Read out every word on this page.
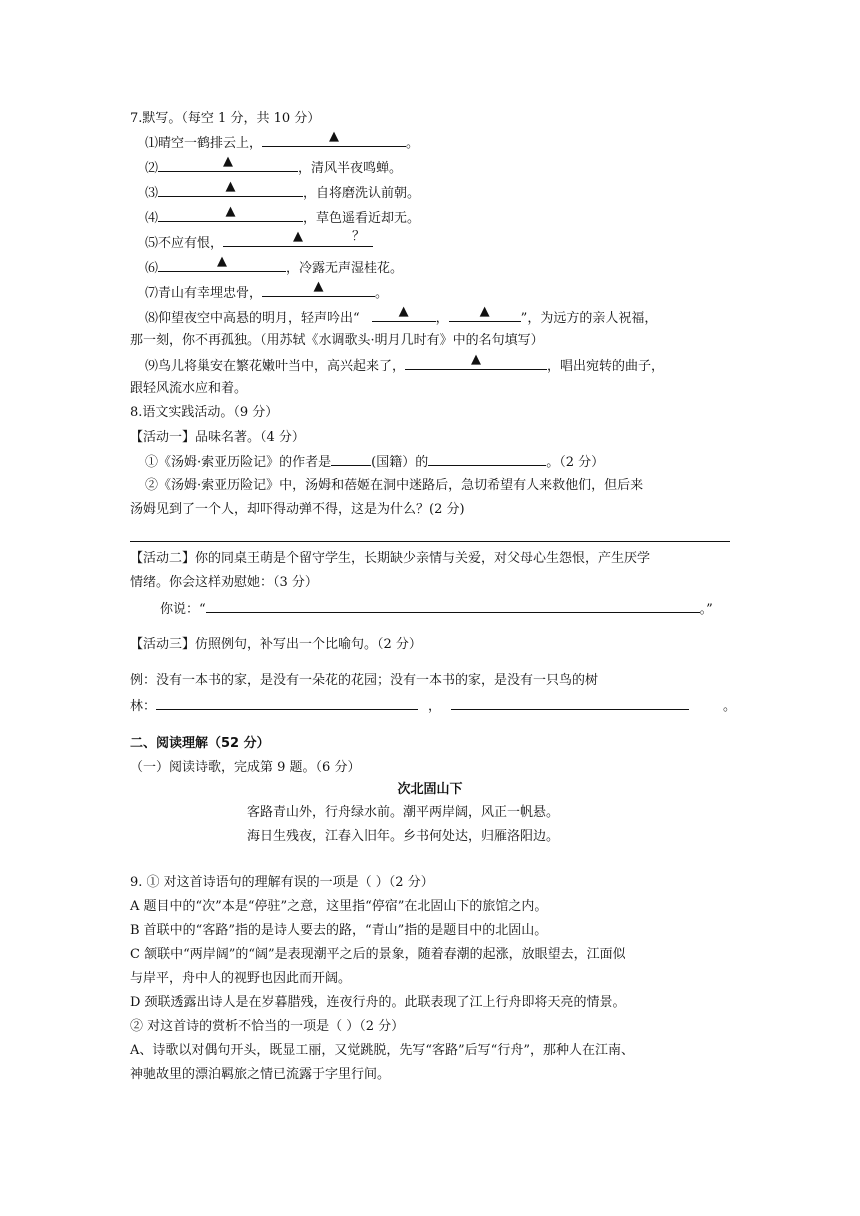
7.默写。（每空 1 分，共 10 分）
⑴晴空一鹤排云上，	▲	。
⑵	▲	，清风半夜鸣蝉。
⑶	▲	，自将磨洗认前朝。
⑷	▲	，草色遥看近却无。
⑸不应有恨，	▲	？
⑹	▲	，冷露无声湿桂花。
⑺青山有幸埋忠骨，	▲	。
⑻仰望夜空中高悬的明月，轻声吟出“	▲ ， ▲ ”，为远方的亲人祝福，
那一刻，你不再孤独。（用苏轼《水调歌头·明月几时有》中的名句填写）
⑼鸟儿将巢安在繁花嫩叶当中，高兴起来了，	▲	，唱出宛转的曲子，
跟轻风流水应和着。
8.语文实践活动。（9 分）
【活动一】品味名著。（4 分）
①《汤姆·索亚历险记》的作者是	(国籍）的	。（2 分）
②《汤姆·索亚历险记》中，汤姆和蓓姬在洞中迷路后，急切希望有人来救他们，但后来
汤姆见到了一个人，却吓得动弹不得，这是为什么？(2 分)
【活动二】你的同桌王萌是个留守学生，长期缺少亲情与关爱，对父母心生怨恨，产生厌学
情绪。你会这样劝慰她：（3 分）
你说：“	。”
【活动三】仿照例句，补写出一个比喻句。（2 分）
例：没有一本书的家，是没有一朵花的花园；没有一本书的家，是没有一只鸟的树
林：	，	。
二、阅读理解（52 分）
（一）阅读诗歌，完成第 9 题。（6 分）
次北固山下
客路青山外，行舟绿水前。潮平两岸阔，风正一帆悬。
海日生残夜，江春入旧年。乡书何处达，归雁洛阳边。
9. ① 对这首诗语句的理解有误的一项是（ ）（2 分）
A 题目中的“次”本是“停驻”之意，这里指“停宿”在北固山下的旅馆之内。
B 首联中的“客路”指的是诗人要去的路，“青山”指的是题目中的北固山。
C 颔联中“两岸阔”的“阔”是表现潮平之后的景象，随着春潮的起涨，放眼望去，江面似
与岸平，舟中人的视野也因此而开阔。
D 颈联透露出诗人是在岁暮腊残，连夜行舟的。此联表现了江上行舟即将天亮的情景。
② 对这首诗的赏析不恰当的一项是（ ）（2 分）
A、诗歌以对偶句开头，既显工丽，又觉跳脱，先写“客路”后写“行舟”，那种人在江南、
神驰故里的漂泊羁旅之情已流露于字里行间。
